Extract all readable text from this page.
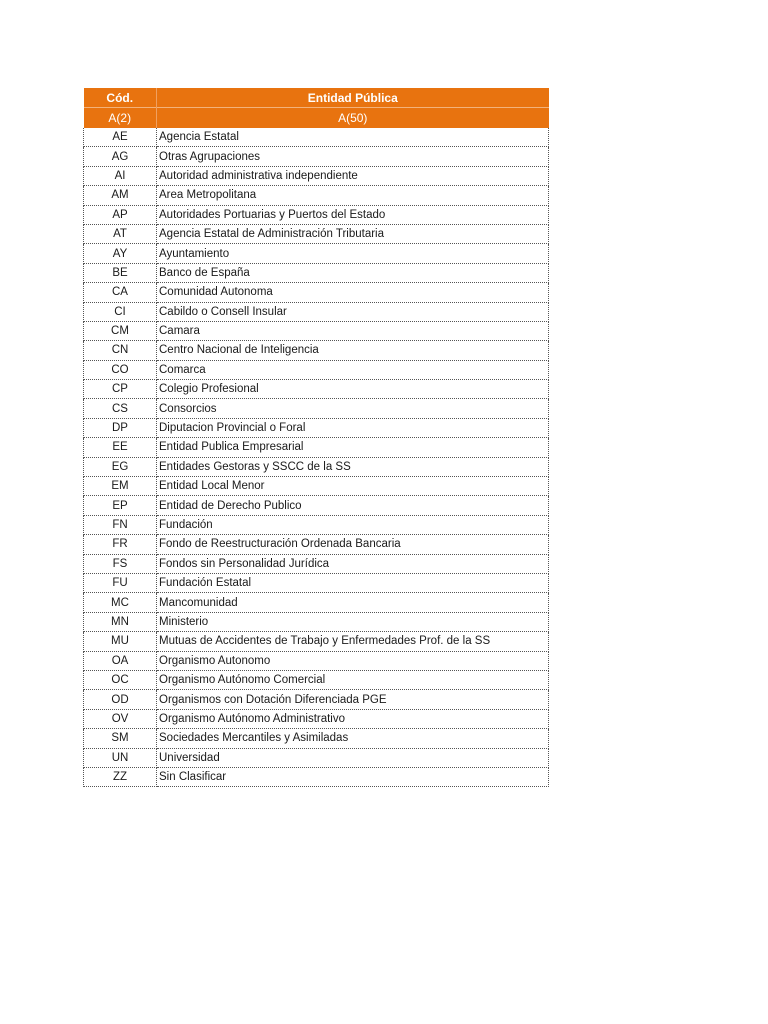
Cód.	Entidad Pública
A(2)	A(50)
AE	Agencia Estatal
AG	Otras Agrupaciones
AI	Autoridad administrativa independiente
AM	Area Metropolitana
AP	Autoridades Portuarias y Puertos del Estado
AT	Agencia Estatal de Administración Tributaria
AY	Ayuntamiento
BE	Banco de España
CA	Comunidad Autonoma
CI	Cabildo o Consell Insular
CM	Camara
CN	Centro Nacional de Inteligencia
CO	Comarca
CP	Colegio Profesional
CS	Consorcios
DP	Diputacion Provincial o Foral
EE	Entidad Publica Empresarial
EG	Entidades Gestoras y SSCC de la SS
EM	Entidad Local Menor
EP	Entidad de Derecho Publico
FN	Fundación
FR	Fondo de Reestructuración Ordenada Bancaria
FS	Fondos sin Personalidad Jurídica
FU	Fundación Estatal
MC	Mancomunidad
MN	Ministerio
MU	Mutuas de Accidentes de Trabajo y Enfermedades Prof. de la SS
OA	Organismo Autonomo
OC	Organismo Autónomo Comercial
OD	Organismos con Dotación Diferenciada PGE
OV	Organismo Autónomo Administrativo
SM	Sociedades Mercantiles y Asimiladas
UN	Universidad
ZZ	Sin Clasificar
